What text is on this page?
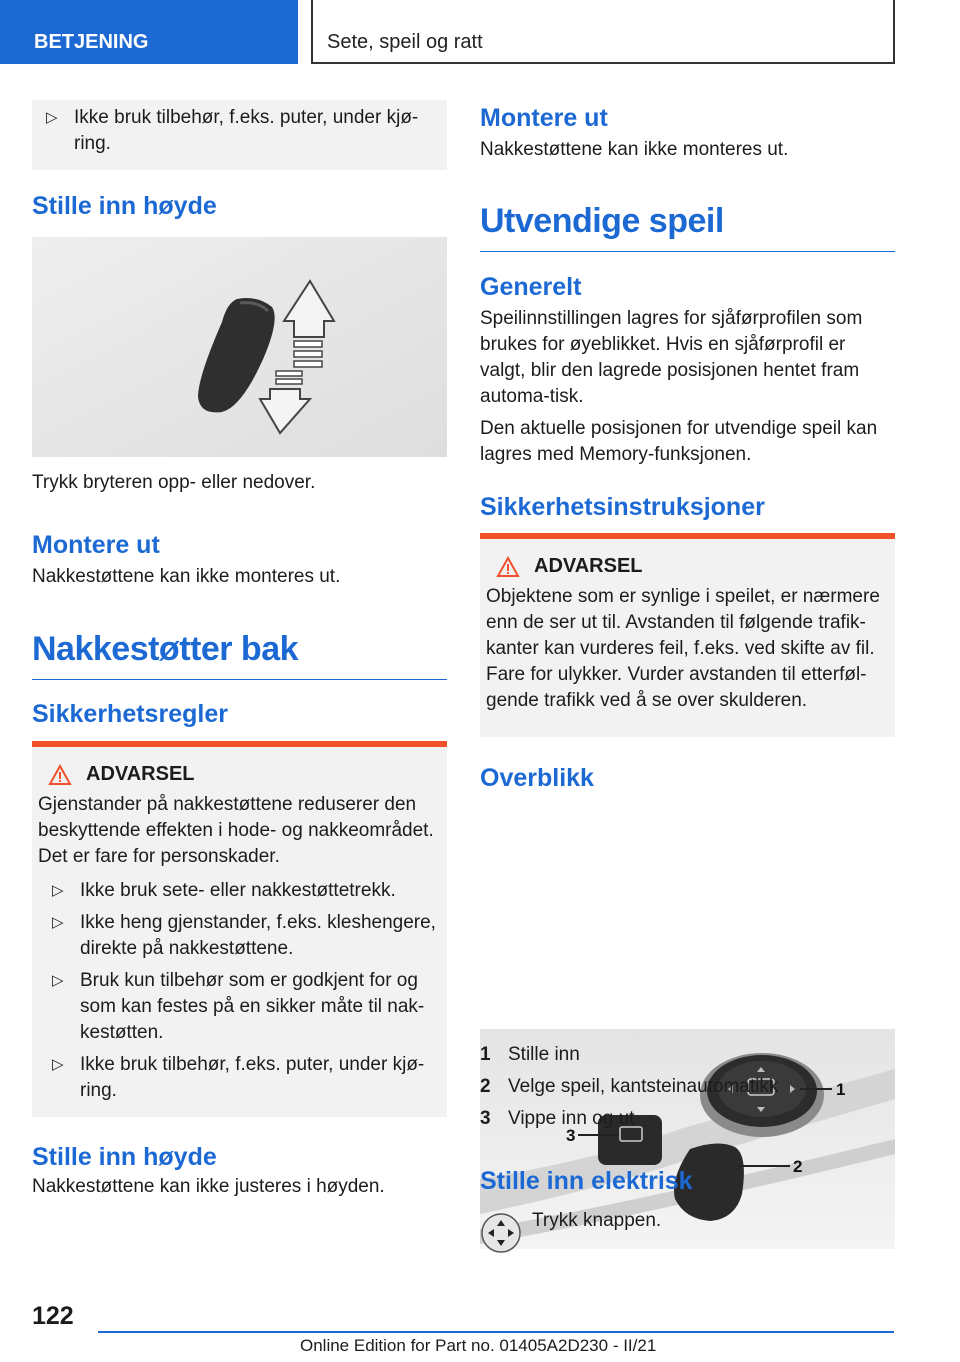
BETJENING	Sete, speil og ratt
▷ Ikke bruk tilbehør, f.eks. puter, under kjø-ring.
Stille inn høyde

Trykk bryteren opp- eller nedover.

Montere ut

Nakkestøttene kan ikke monteres ut.

Nakkestøtter bak
Sikkerhetsregler
ADVARSEL

Gjenstander på nakkestøttene reduserer den beskyttende effekten i hode- og nakkeområdet. Det er fare for personskader.

▷ Ikke bruk sete- eller nakkestøttetrekk.
▷ Ikke heng gjenstander, f.eks. kleshengere, direkte på nakkestøttene.
▷ Bruk kun tilbehør som er godkjent for og som kan festes på en sikker måte til nak-kestøtten.
▷ Ikke bruk tilbehør, f.eks. puter, under kjø-ring.
Stille inn høyde

Nakkestøttene kan ikke justeres i høyden.

Montere ut

Nakkestøttene kan ikke monteres ut.

Utvendige speil
Generelt

Speilinnstillingen lagres for sjåførprofilen som brukes for øyeblikket. Hvis en sjåførprofil er valgt, blir den lagrede posisjonen hentet fram automa-tisk.

Den aktuelle posisjonen for utvendige speil kan lagres med Memory-funksjonen.

Sikkerhetsinstruksjoner
ADVARSEL

Objektene som er synlige i speilet, er nærmere enn de ser ut til. Avstanden til følgende trafik-kanter kan vurderes feil, f.eks. ved skifte av fil. Fare for ulykker. Vurder avstanden til etterføl-gende trafikk ved å se over skulderen.

Overblikk
1
2
3
1 Stille inn
2 Velge speil, kantsteinautomatikk
3 Vippe inn og ut
Stille inn elektrisk

Trykk knappen.

122
Online Edition for Part no. 01405A2D230 - II/21
